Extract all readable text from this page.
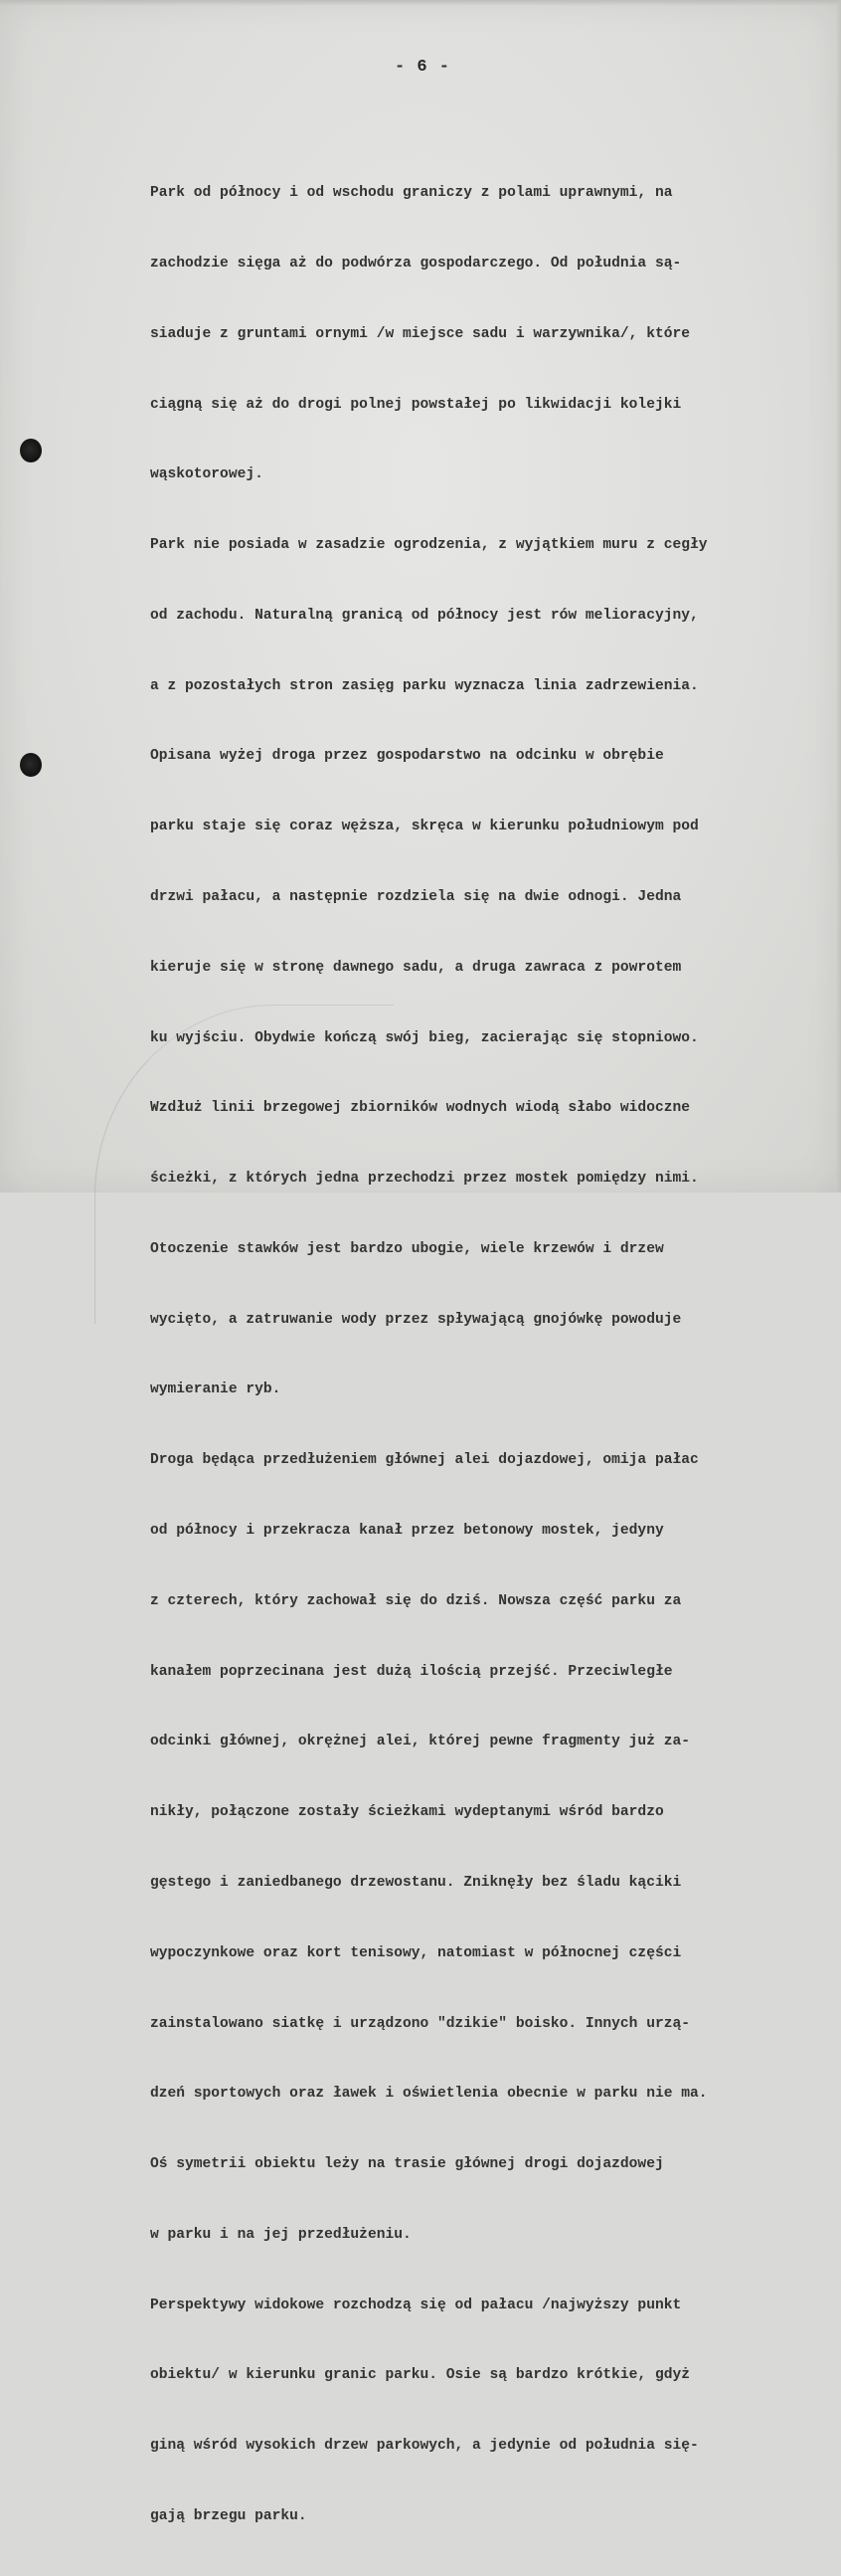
- 6 -

Park od północy i od wschodu graniczy z polami uprawnymi, na

zachodzie sięga aż do podwórza gospodarczego. Od południa są-

siaduje z gruntami ornymi /w miejsce sadu i warzywnika/, które

ciągną się aż do drogi polnej powstałej po likwidacji kolejki

wąskotorowej.

Park nie posiada w zasadzie ogrodzenia, z wyjątkiem muru z cegły

od zachodu. Naturalną granicą od północy jest rów melioracyjny,

a z pozostałych stron zasięg parku wyznacza linia zadrzewienia.

Opisana wyżej droga przez gospodarstwo na odcinku w obrębie

parku staje się coraz węższa, skręca w kierunku południowym pod

drzwi pałacu, a następnie rozdziela się na dwie odnogi. Jedna

kieruje się w stronę dawnego sadu, a druga zawraca z powrotem

ku wyjściu. Obydwie kończą swój bieg, zacierając się stopniowo.

Wzdłuż linii brzegowej zbiorników wodnych wiodą słabo widoczne

ścieżki, z których jedna przechodzi przez mostek pomiędzy nimi.

Otoczenie stawków jest bardzo ubogie, wiele krzewów i drzew

wycięto, a zatruwanie wody przez spływającą gnojówkę powoduje

wymieranie ryb.

Droga będąca przedłużeniem głównej alei dojazdowej, omija pałac

od północy i przekracza kanał przez betonowy mostek, jedyny

z czterech, który zachował się do dziś. Nowsza część parku za

kanałem poprzecinana jest dużą ilością przejść. Przeciwległe

odcinki głównej, okrężnej alei, której pewne fragmenty już za-

nikły, połączone zostały ścieżkami wydeptanymi wśród bardzo

gęstego i zaniedbanego drzewostanu. Zniknęły bez śladu kąciki

wypoczynkowe oraz kort tenisowy, natomiast w północnej części

zainstalowano siatkę i urządzono "dzikie" boisko. Innych urzą-

dzeń sportowych oraz ławek i oświetlenia obecnie w parku nie ma.

Oś symetrii obiektu leży na trasie głównej drogi dojazdowej

w parku i na jej przedłużeniu.

Perspektywy widokowe rozchodzą się od pałacu /najwyższy punkt

obiektu/ w kierunku granic parku. Osie są bardzo krótkie, gdyż

giną wśród wysokich drzew parkowych, a jedynie od południa się-

gają brzegu parku.
